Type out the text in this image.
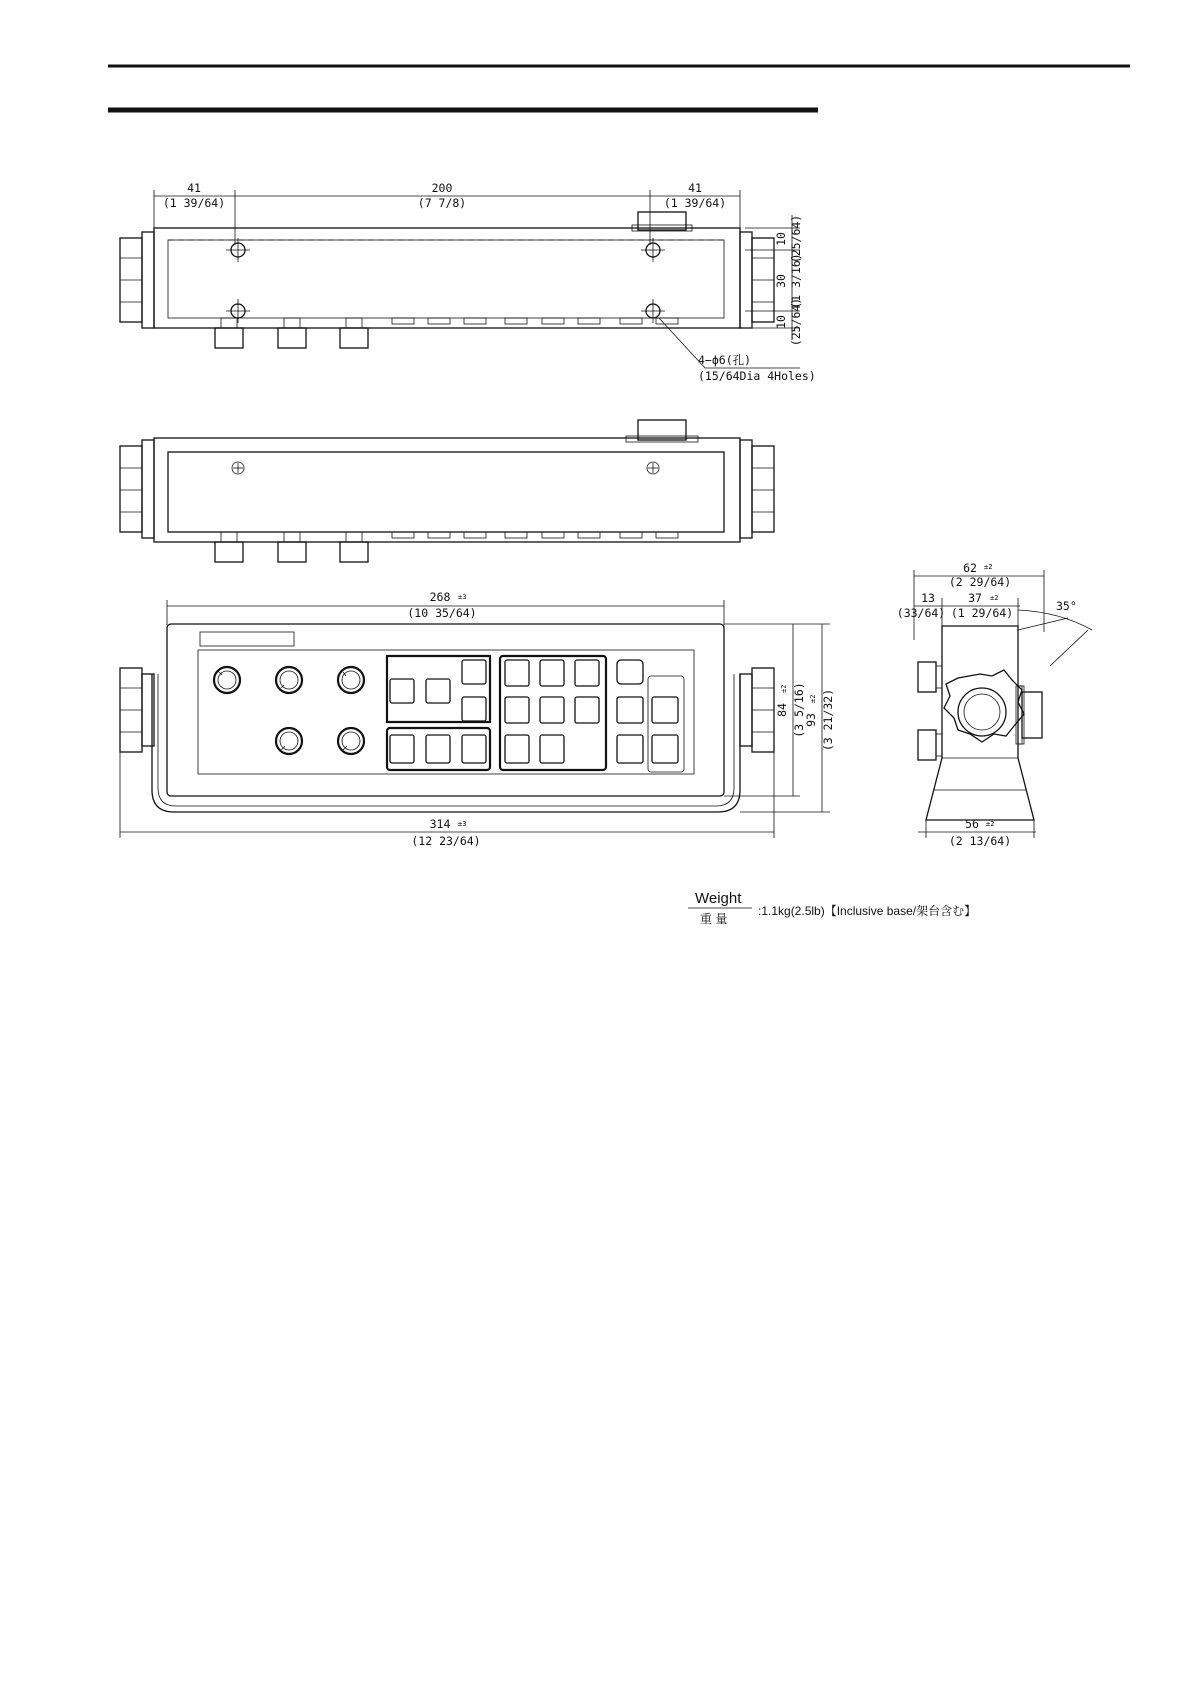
41
(1 39/64)
200
(7 7/8)
41
(1 39/64)
10 (25/64)
30 (1 3/16)
10 (25/64)
4−ϕ6(孔)
(15/64Dia 4Holes)
268 ±3
(10 35/64)
84
±2 (3 5/16)
93
±2 (3 21/32)
314 ±3
(12 23/64)
62 ±2
(2 29/64)
13
(33/64)
37 ±2
(1 29/64)	35°
56 ±2
(2 13/64)
Weight
重 量
:1.1kg(2.5lb)【Inclusive base/架台含む】
